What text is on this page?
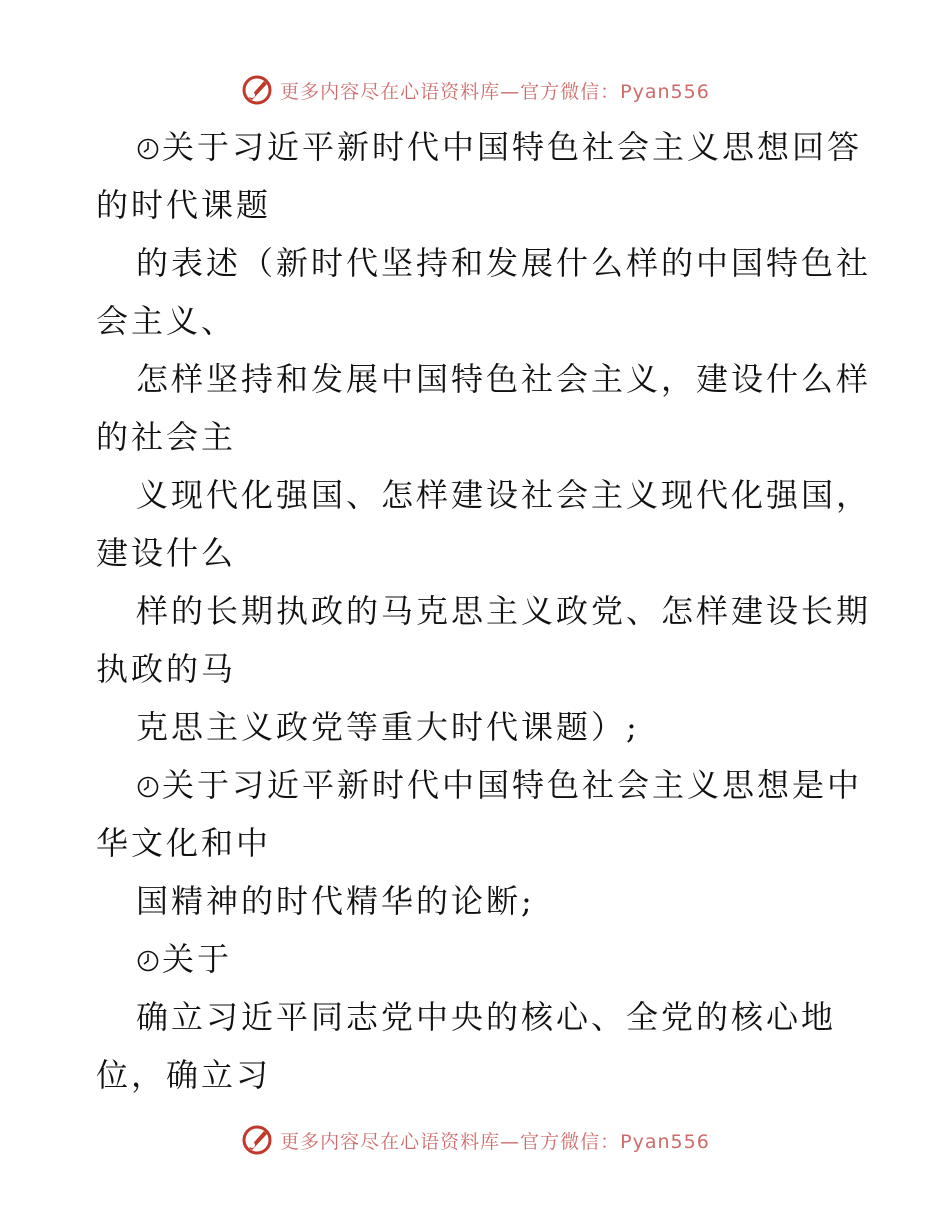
更多内容尽在心语资料库—官方微信：Pyan556
关于习近平新时代中国特色社会主义思想回答
的时代课题
的表述（新时代坚持和发展什么样的中国特色社
会主义、
怎样坚持和发展中国特色社会主义，建设什么样
的社会主
义现代化强国、怎样建设社会主义现代化强国，
建设什么
样的长期执政的马克思主义政党、怎样建设长期
执政的马
克思主义政党等重大时代课题）;
关于习近平新时代中国特色社会主义思想是中
华文化和中
国精神的时代精华的论断;
关于
确立习近平同志党中央的核心、全党的核心地
位，确立习
更多内容尽在心语资料库—官方微信：Pyan556
